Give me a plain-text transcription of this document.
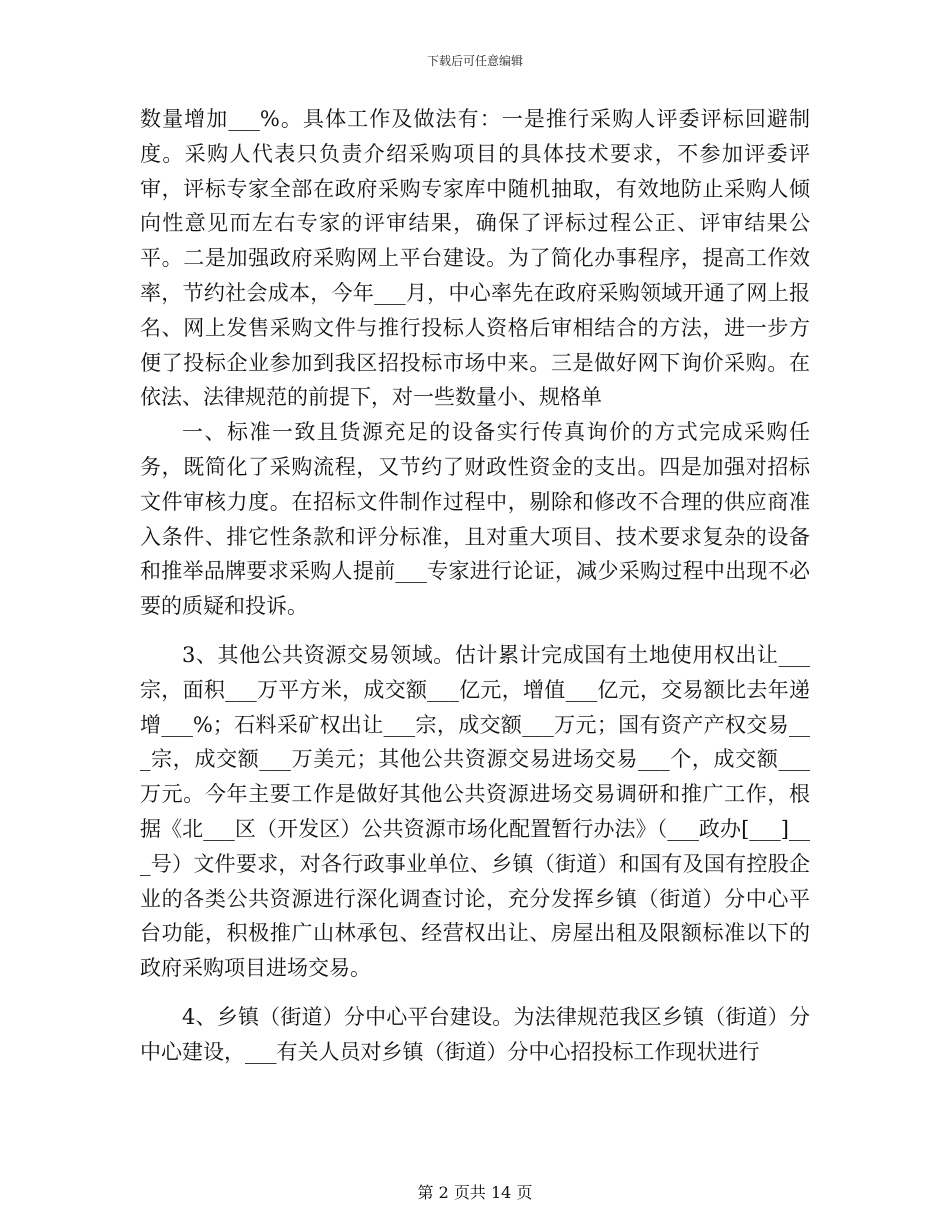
下载后可任意编辑

数量增加___%。具体工作及做法有：一是推行采购人评委评标回避制度。采购人代表只负责介绍采购项目的具体技术要求，不参加评委评审，评标专家全部在政府采购专家库中随机抽取，有效地防止采购人倾向性意见而左右专家的评审结果，确保了评标过程公正、评审结果公平。二是加强政府采购网上平台建设。为了简化办事程序，提高工作效率，节约社会成本，今年___月，中心率先在政府采购领域开通了网上报名、网上发售采购文件与推行投标人资格后审相结合的方法，进一步方便了投标企业参加到我区招投标市场中来。三是做好网下询价采购。在依法、法律规范的前提下，对一些数量小、规格单

一、标准一致且货源充足的设备实行传真询价的方式完成采购任务，既简化了采购流程，又节约了财政性资金的支出。四是加强对招标文件审核力度。在招标文件制作过程中，剔除和修改不合理的供应商准入条件、排它性条款和评分标准，且对重大项目、技术要求复杂的设备和推举品牌要求采购人提前___专家进行论证，减少采购过程中出现不必要的质疑和投诉。

3、其他公共资源交易领域。估计累计完成国有土地使用权出让___宗，面积___万平方米，成交额___亿元，增值___亿元，交易额比去年递增___%；石料采矿权出让___宗，成交额___万元；国有资产产权交易___宗，成交额___万美元；其他公共资源交易进场交易___个，成交额___万元。今年主要工作是做好其他公共资源进场交易调研和推广工作，根据《北___区（开发区）公共资源市场化配置暂行办法》（___政办[___]___号）文件要求，对各行政事业单位、乡镇（街道）和国有及国有控股企业的各类公共资源进行深化调查讨论，充分发挥乡镇（街道）分中心平台功能，积极推广山林承包、经营权出让、房屋出租及限额标准以下的政府采购项目进场交易。

4、乡镇（街道）分中心平台建设。为法律规范我区乡镇（街道）分中心建设，___有关人员对乡镇（街道）分中心招投标工作现状进行

第 2 页共 14 页
